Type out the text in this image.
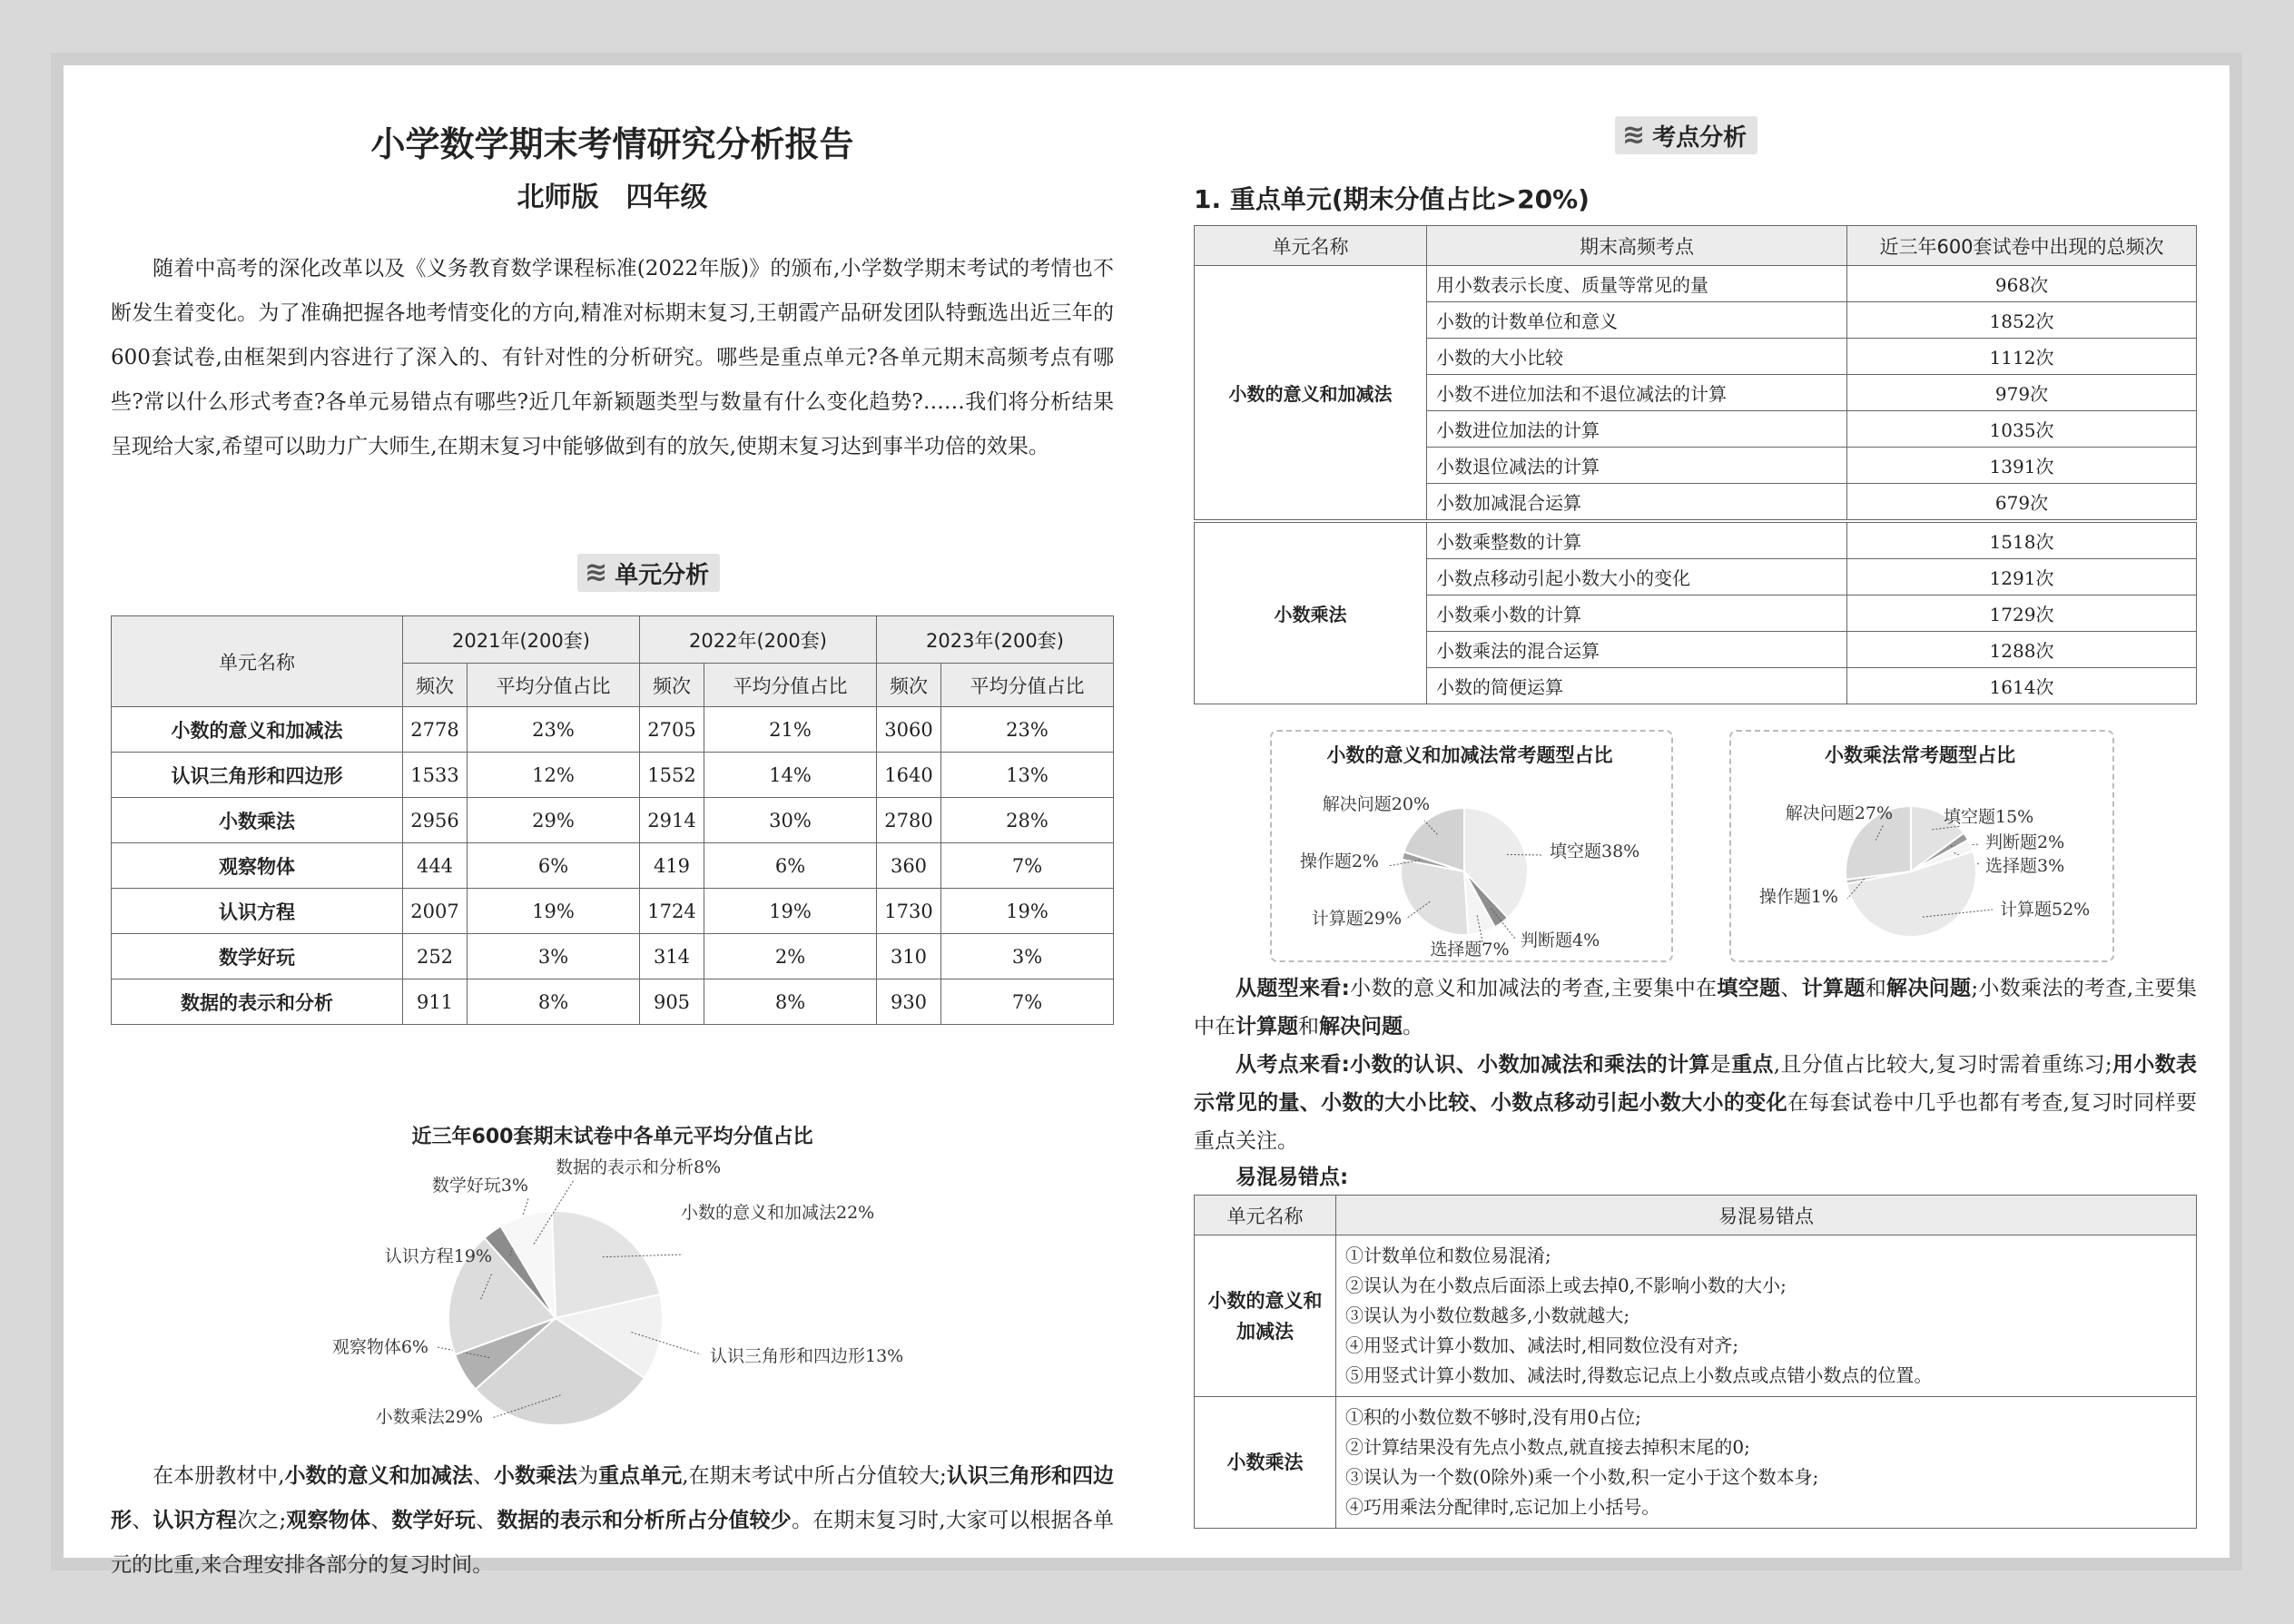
小学数学期末考情研究分析报告
北师版　四年级
随着中高考的深化改革以及《义务教育数学课程标准(2022年版)》的颁布,小学数学期末考试的考情也不断发生着变化。为了准确把握各地考情变化的方向,精准对标期末复习,王朝霞产品研发团队特甄选出近三年的600套试卷,由框架到内容进行了深入的、有针对性的分析研究。哪些是重点单元?各单元期末高频考点有哪些?常以什么形式考查?各单元易错点有哪些?近几年新颖题类型与数量有什么变化趋势?……我们将分析结果呈现给大家,希望可以助力广大师生,在期末复习中能够做到有的放矢,使期末复习达到事半功倍的效果。
≋ 单元分析
单元名称	2021年(200套)		2022年(200套)		2023年(200套)	
	频次	平均分值占比	频次	平均分值占比	频次	平均分值占比
小数的意义和加减法	2778	23%	2705	21%	3060	23%
认识三角形和四边形	1533	12%	1552	14%	1640	13%
小数乘法	2956	29%	2914	30%	2780	28%
观察物体	444	6%	419	6%	360	7%
认识方程	2007	19%	1724	19%	1730	19%
数学好玩	252	3%	314	2%	310	3%
数据的表示和分析	911	8%	905	8%	930	7%
近三年600套期末试卷中各单元平均分值占比
小数的意义和加减法22%
认识三角形和四边形13%
小数乘法29%
观察物体6%
认识方程19%
数学好玩3%
数据的表示和分析8%
在本册教材中,小数的意义和加减法、小数乘法为重点单元,在期末考试中所占分值较大;认识三角形和四边形、认识方程次之;观察物体、数学好玩、数据的表示和分析所占分值较少。在期末复习时,大家可以根据各单元的比重,来合理安排各部分的复习时间。
≋ 考点分析
1. 重点单元(期末分值占比>20%)
单元名称	期末高频考点	近三年600套试卷中出现的总频次
小数的意义和加减法	用小数表示长度、质量等常见的量	968次
	小数的计数单位和意义	1852次
	小数的大小比较	1112次
	小数不进位加法和不退位减法的计算	979次
	小数进位加法的计算	1035次
	小数退位减法的计算	1391次
	小数加减混合运算	679次
小数乘法	小数乘整数的计算	1518次
	小数点移动引起小数大小的变化	1291次
	小数乘小数的计算	1729次
	小数乘法的混合运算	1288次
	小数的简便运算	1614次
小数的意义和加减法常考题型占比
填空题38%
判断题4%
选择题7%
计算题29%
操作题2%
解决问题20%
小数乘法常考题型占比
填空题15%
判断题2%
选择题3%
计算题52%
操作题1%
解决问题27%
从题型来看:小数的意义和加减法的考查,主要集中在填空题、计算题和解决问题;小数乘法的考查,主要集中在计算题和解决问题。
从考点来看:小数的认识、小数加减法和乘法的计算是重点,且分值占比较大,复习时需着重练习;用小数表示常见的量、小数的大小比较、小数点移动引起小数大小的变化在每套试卷中几乎也都有考查,复习时同样要重点关注。
易混易错点:
单元名称	易混易错点
小数的意义和加减法	①计数单位和数位易混淆;
②误认为在小数点后面添上或去掉0,不影响小数的大小;
③误认为小数位数越多,小数就越大;
④用竖式计算小数加、减法时,相同数位没有对齐;
⑤用竖式计算小数加、减法时,得数忘记点上小数点或点错小数点的位置。

小数乘法	①积的小数位数不够时,没有用0占位;
②计算结果没有先点小数点,就直接去掉积末尾的0;
③误认为一个数(0除外)乘一个小数,积一定小于这个数本身;
④巧用乘法分配律时,忘记加上小括号。
